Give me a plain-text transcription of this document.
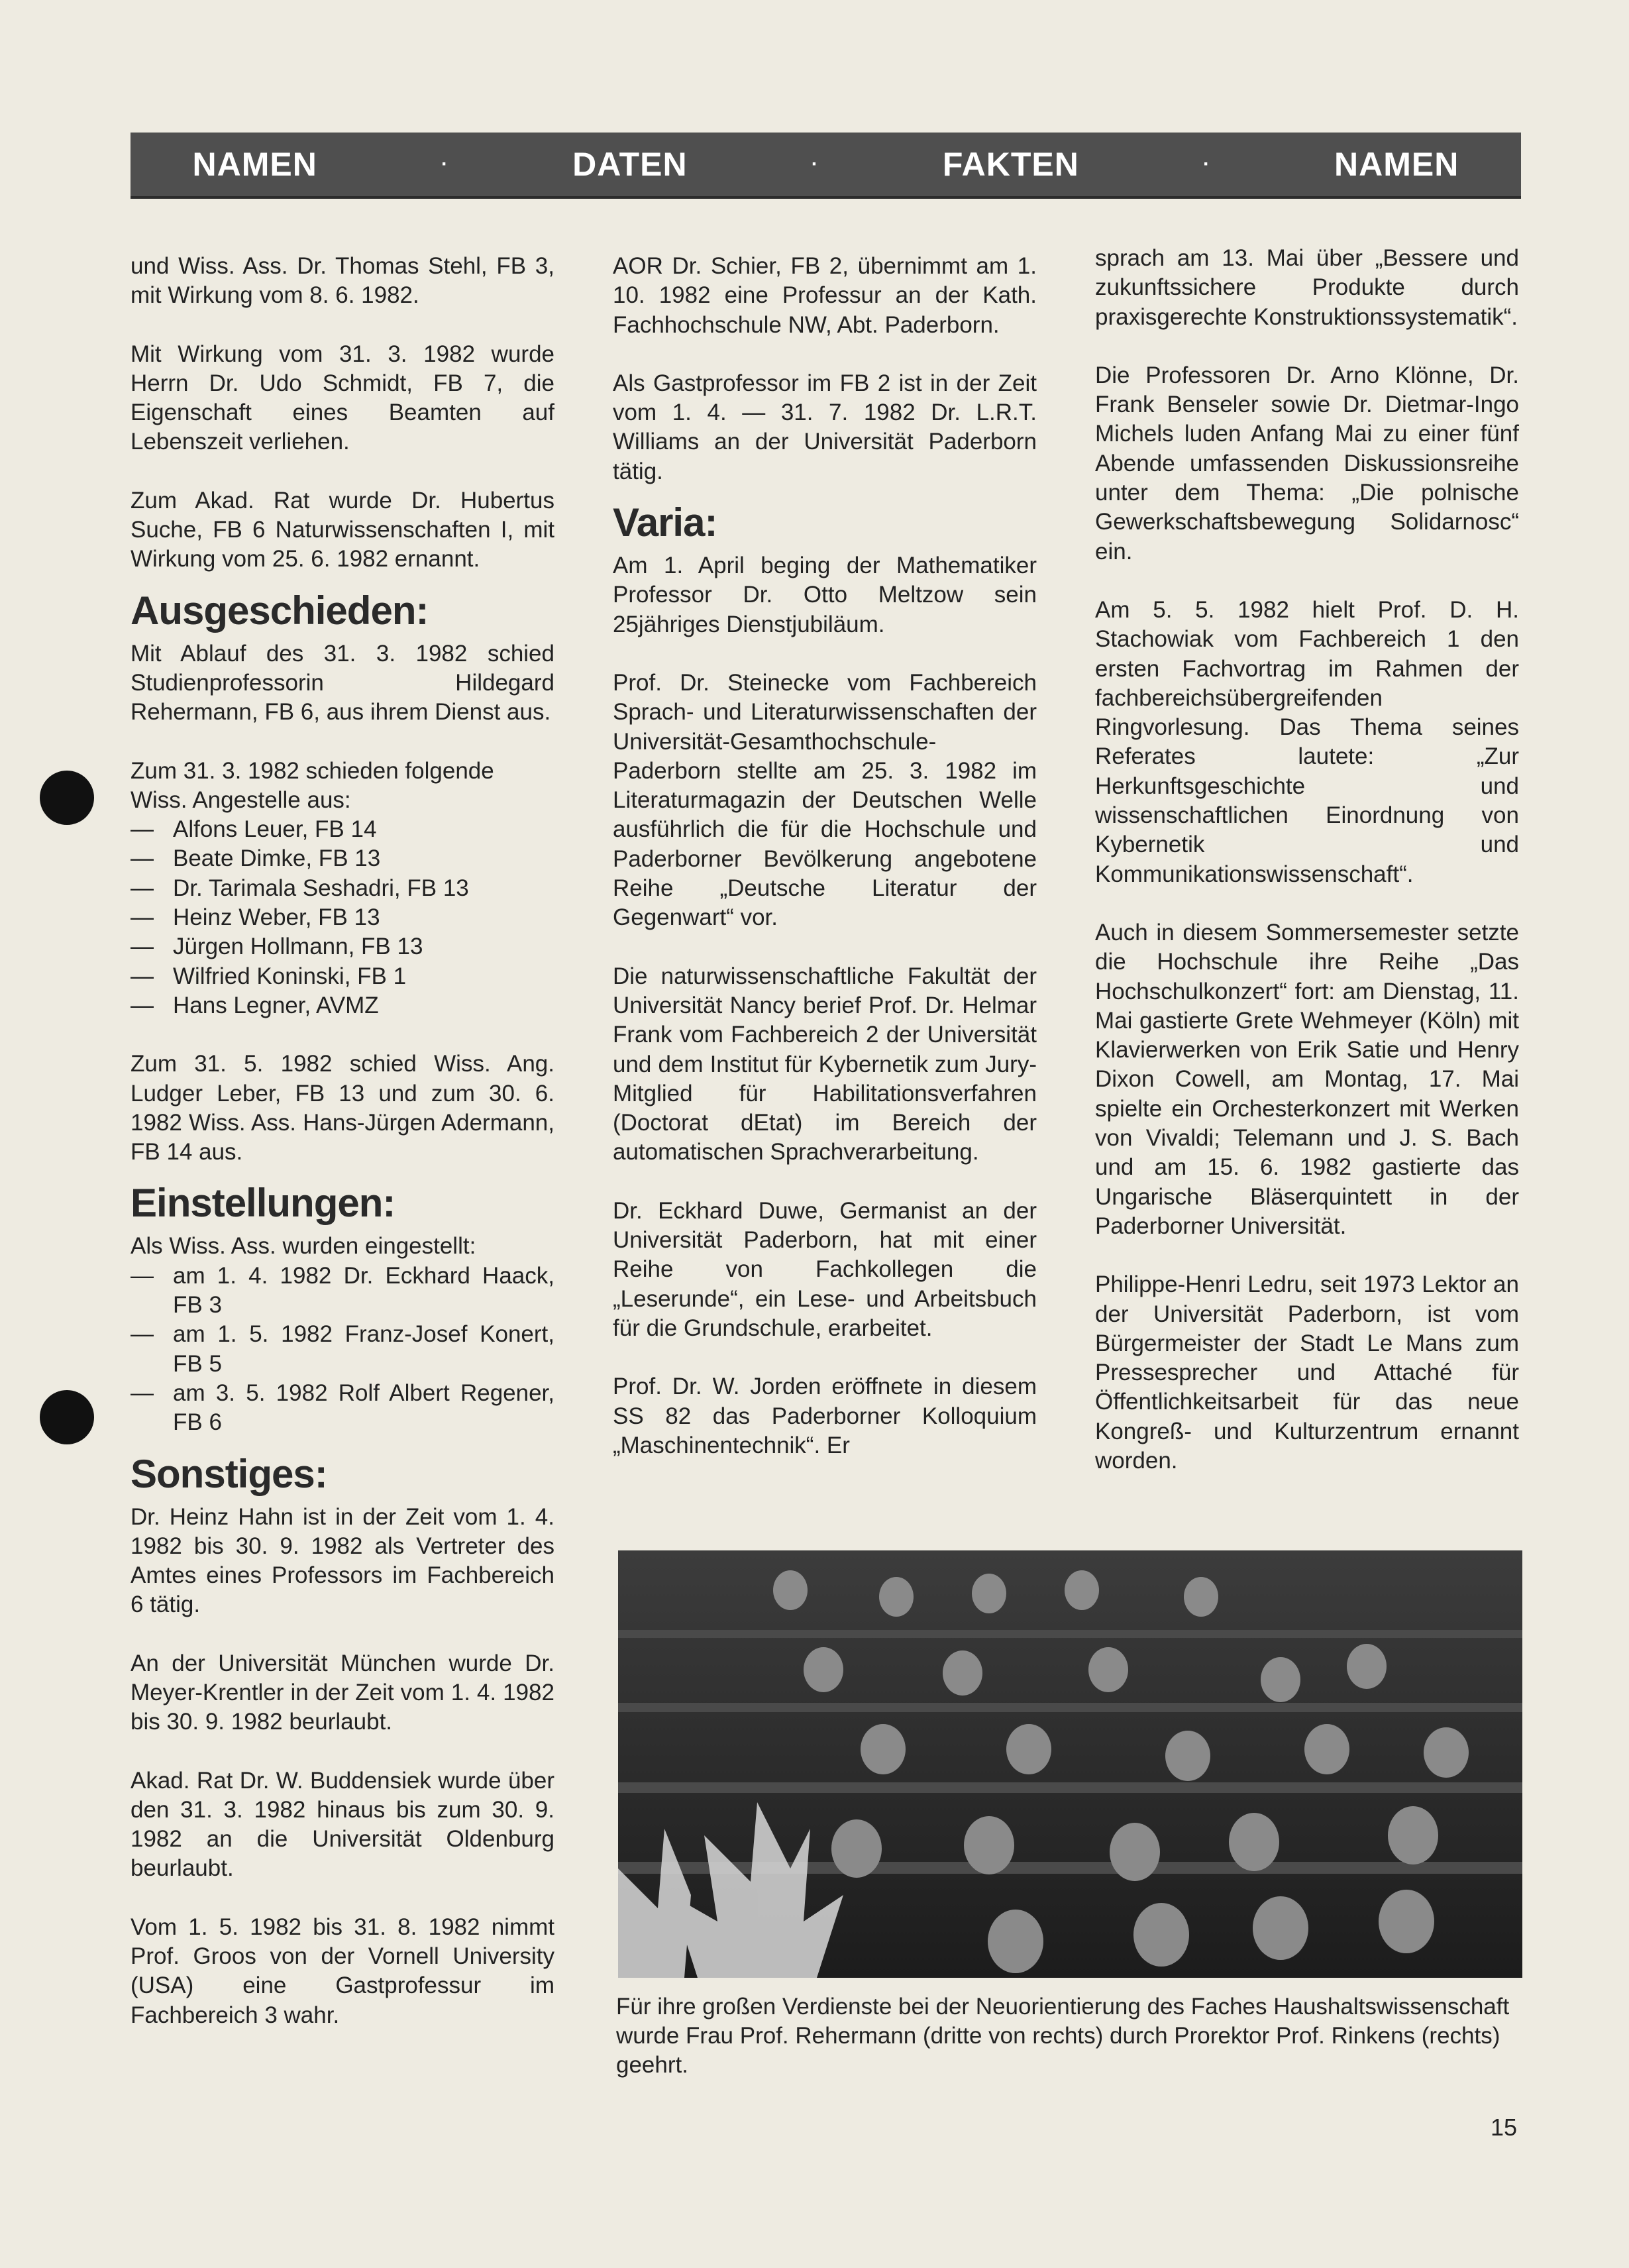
NAMEN	·	DATEN	·	FAKTEN	·	NAMEN

und Wiss. Ass. Dr. Thomas Stehl, FB 3, mit Wirkung vom 8. 6. 1982.

Mit Wirkung vom 31. 3. 1982 wurde Herrn Dr. Udo Schmidt, FB 7, die Eigenschaft eines Beamten auf Lebenszeit verliehen.

Zum Akad. Rat wurde Dr. Hubertus Suche, FB 6 Naturwissenschaften I, mit Wirkung vom 25. 6. 1982 ernannt.

Ausgeschieden:

Mit Ablauf des 31. 3. 1982 schied Studienprofessorin Hildegard Rehermann, FB 6, aus ihrem Dienst aus.

Zum 31. 3. 1982 schieden folgende Wiss. Angestelle aus:

— Alfons Leuer, FB 14
— Beate Dimke, FB 13
— Dr. Tarimala Seshadri, FB 13
— Heinz Weber, FB 13
— Jürgen Hollmann, FB 13
— Wilfried Koninski, FB 1
— Hans Legner, AVMZ

Zum 31. 5. 1982 schied Wiss. Ang. Ludger Leber, FB 13 und zum 30. 6. 1982 Wiss. Ass. Hans-Jürgen Adermann, FB 14 aus.

Einstellungen:

Als Wiss. Ass. wurden eingestellt:

— am 1. 4. 1982 Dr. Eckhard Haack, FB 3
— am 1. 5. 1982 Franz-Josef Konert, FB 5
— am 3. 5. 1982 Rolf Albert Regener, FB 6
Sonstiges:

Dr. Heinz Hahn ist in der Zeit vom 1. 4. 1982 bis 30. 9. 1982 als Vertreter des Amtes eines Professors im Fachbereich 6 tätig.

An der Universität München wurde Dr. Meyer-Krentler in der Zeit vom 1. 4. 1982 bis 30. 9. 1982 beurlaubt.

Akad. Rat Dr. W. Buddensiek wurde über den 31. 3. 1982 hinaus bis zum 30. 9. 1982 an die Universität Oldenburg beurlaubt.

Vom 1. 5. 1982 bis 31. 8. 1982 nimmt Prof. Groos von der Vornell University (USA) eine Gastprofessur im Fachbereich 3 wahr.

AOR Dr. Schier, FB 2, übernimmt am 1. 10. 1982 eine Professur an der Kath. Fachhochschule NW, Abt. Paderborn.

Als Gastprofessor im FB 2 ist in der Zeit vom 1. 4. — 31. 7. 1982 Dr. L.R.T. Williams an der Universität Paderborn tätig.

Varia:

Am 1. April beging der Mathematiker Professor Dr. Otto Meltzow sein 25jähriges Dienstjubiläum.

Prof. Dr. Steinecke vom Fachbereich Sprach- und Literaturwissenschaften der Universität-Gesamthochschule-Paderborn stellte am 25. 3. 1982 im Literaturmagazin der Deutschen Welle ausführlich die für die Hochschule und Paderborner Bevölkerung angebotene Reihe „Deutsche Literatur der Gegenwart“ vor.

Die naturwissenschaftliche Fakultät der Universität Nancy berief Prof. Dr. Helmar Frank vom Fachbereich 2 der Universität und dem Institut für Kybernetik zum Jury-Mitglied für Habilitationsverfahren (Doctorat dEtat) im Bereich der automatischen Sprachverarbeitung.

Dr. Eckhard Duwe, Germanist an der Universität Paderborn, hat mit einer Reihe von Fachkollegen die „Leserunde“, ein Lese- und Arbeitsbuch für die Grundschule, erarbeitet.

Prof. Dr. W. Jorden eröffnete in diesem SS 82 das Paderborner Kolloquium „Maschinentechnik“. Er

sprach am 13. Mai über „Bessere und zukunftssichere Produkte durch praxisgerechte Konstruktionssystematik“.

Die Professoren Dr. Arno Klönne, Dr. Frank Benseler sowie Dr. Dietmar-Ingo Michels luden Anfang Mai zu einer fünf Abende umfassenden Diskussionsreihe unter dem Thema: „Die polnische Gewerkschaftsbewegung Solidarnosc“ ein.

Am 5. 5. 1982 hielt Prof. D. H. Stachowiak vom Fachbereich 1 den ersten Fachvortrag im Rahmen der fachbereichsübergreifenden Ringvorlesung. Das Thema seines Referates lautete: „Zur Herkunftsgeschichte und wissenschaftlichen Einordnung von Kybernetik und Kommunikationswissenschaft“.

Auch in diesem Sommersemester setzte die Hochschule ihre Reihe „Das Hochschulkonzert“ fort: am Dienstag, 11. Mai gastierte Grete Wehmeyer (Köln) mit Klavierwerken von Erik Satie und Henry Dixon Cowell, am Montag, 17. Mai spielte ein Orchesterkonzert mit Werken von Vivaldi; Telemann und J. S. Bach und am 15. 6. 1982 gastierte das Ungarische Bläserquintett in der Paderborner Universität.

Philippe-Henri Ledru, seit 1973 Lektor an der Universität Paderborn, ist vom Bürgermeister der Stadt Le Mans zum Pressesprecher und Attaché für Öffentlichkeitsarbeit für das neue Kongreß- und Kulturzentrum ernannt worden.

Für ihre großen Verdienste bei der Neuorientierung des Faches Haushaltswissenschaft wurde Frau Prof. Rehermann (dritte von rechts) durch Prorektor Prof. Rinkens (rechts) geehrt.
15
